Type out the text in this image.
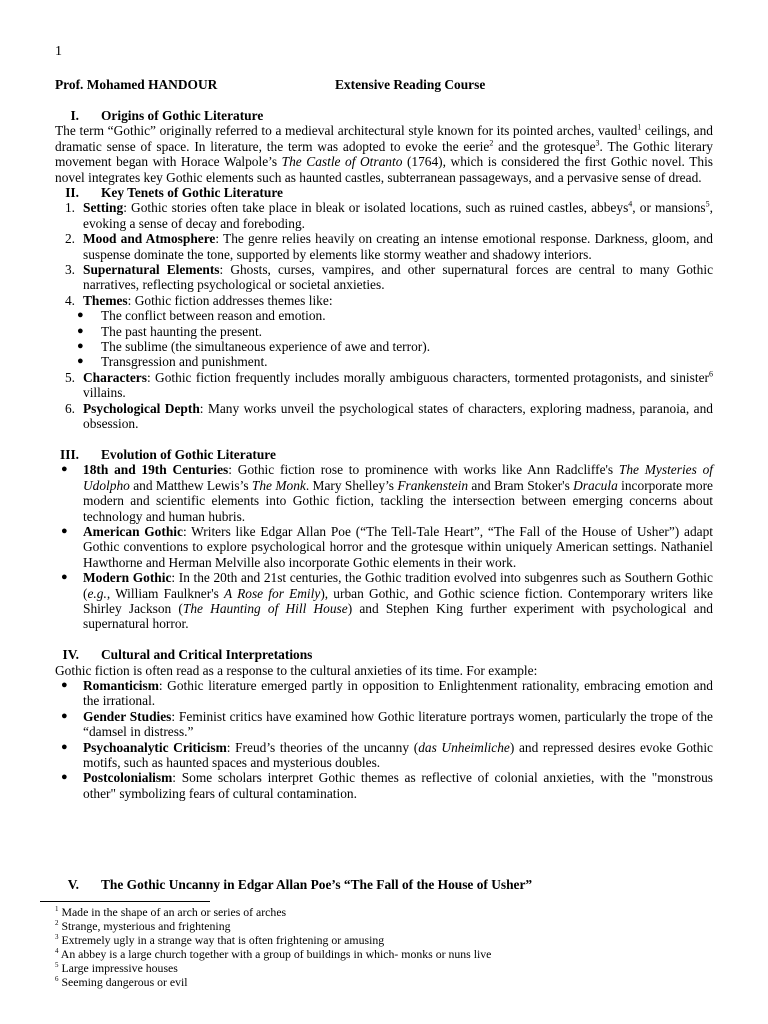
1
Prof. Mohamed HANDOUR	Extensive Reading Course
I. Origins of Gothic Literature

The term “Gothic” originally referred to a medieval architectural style known for its pointed arches, vaulted$^1$ ceilings, and dramatic sense of space. In literature, the term was adopted to evoke the eerie$^2$ and the grotesque$^3$. The Gothic literary movement began with Horace Walpole’s The Castle of Otranto (1764), which is considered the first Gothic novel. This novel integrates key Gothic elements such as haunted castles, subterranean passageways, and a pervasive sense of dread.

II. Key Tenets of Gothic Literature
1. Setting: Gothic stories often take place in bleak or isolated locations, such as ruined castles, abbeys$^4$, or mansions$^5$, evoking a sense of decay and foreboding.
2. Mood and Atmosphere: The genre relies heavily on creating an intense emotional response. Darkness, gloom, and suspense dominate the tone, supported by elements like stormy weather and shadowy interiors.
3. Supernatural Elements: Ghosts, curses, vampires, and other supernatural forces are central to many Gothic narratives, reflecting psychological or societal anxieties.
4. Themes: Gothic fiction addresses themes like:
● The conflict between reason and emotion.
● The past haunting the present.
● The sublime (the simultaneous experience of awe and terror).
● Transgression and punishment.
5. Characters: Gothic fiction frequently includes morally ambiguous characters, tormented protagonists, and sinister$^6$ villains.
6. Psychological Depth: Many works unveil the psychological states of characters, exploring madness, paranoia, and obsession.
III. Evolution of Gothic Literature
● 18th and 19th Centuries: Gothic fiction rose to prominence with works like Ann Radcliffe's The Mysteries of Udolpho and Matthew Lewis’s The Monk. Mary Shelley’s Frankenstein and Bram Stoker's Dracula incorporate more modern and scientific elements into Gothic fiction, tackling the intersection between emerging concerns about technology and human hubris.
● American Gothic: Writers like Edgar Allan Poe (“The Tell-Tale Heart”, “The Fall of the House of Usher”) adapt Gothic conventions to explore psychological horror and the grotesque within uniquely American settings. Nathaniel Hawthorne and Herman Melville also incorporate Gothic elements in their work.
● Modern Gothic: In the 20th and 21st centuries, the Gothic tradition evolved into subgenres such as Southern Gothic (e.g., William Faulkner's A Rose for Emily), urban Gothic, and Gothic science fiction. Contemporary writers like Shirley Jackson (The Haunting of Hill House) and Stephen King further experiment with psychological and supernatural horror.
IV. Cultural and Critical Interpretations

Gothic fiction is often read as a response to the cultural anxieties of its time. For example:

● Romanticism: Gothic literature emerged partly in opposition to Enlightenment rationality, embracing emotion and the irrational.
● Gender Studies: Feminist critics have examined how Gothic literature portrays women, particularly the trope of the “damsel in distress.”
● Psychoanalytic Criticism: Freud’s theories of the uncanny (das Unheimliche) and repressed desires evoke Gothic motifs, such as haunted spaces and mysterious doubles.
● Postcolonialism: Some scholars interpret Gothic themes as reflective of colonial anxieties, with the "monstrous other" symbolizing fears of cultural contamination.
V. The Gothic Uncanny in Edgar Allan Poe’s “The Fall of the House of Usher”
$^1$ Made in the shape of an arch or series of arches
$^2$ Strange, mysterious and frightening
$^3$ Extremely ugly in a strange way that is often frightening or amusing
$^4$ An abbey is a large church together with a group of buildings in which- monks or nuns live
$^5$ Large impressive houses
$^6$ Seeming dangerous or evil
